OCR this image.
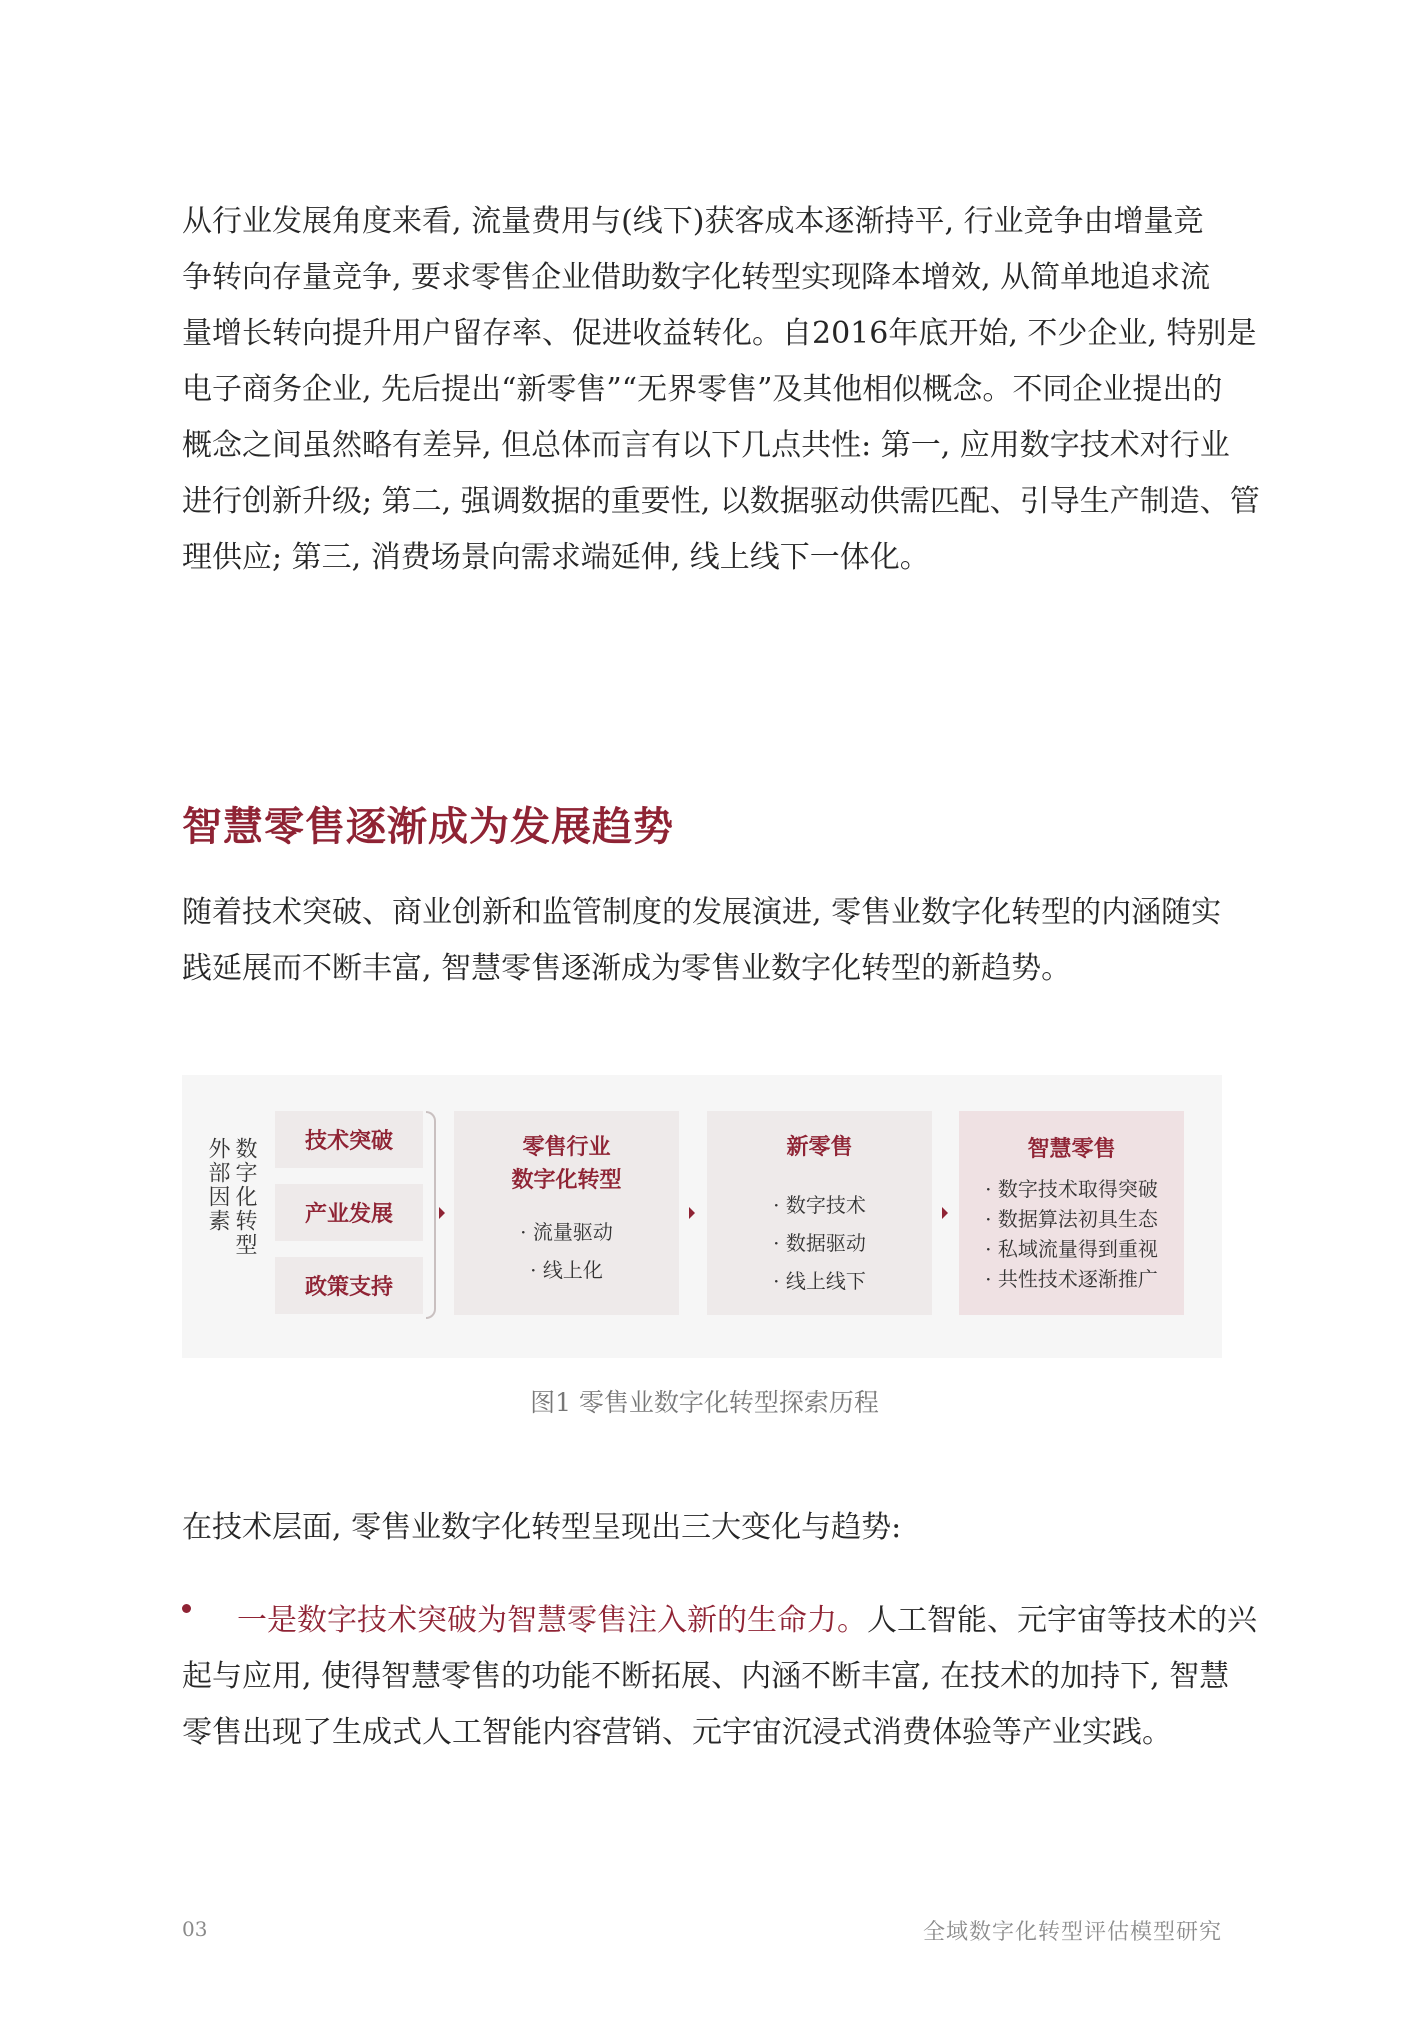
从行业发展角度来看, 流量费用与(线下)获客成本逐渐持平, 行业竞争由增量竞
争转向存量竞争, 要求零售企业借助数字化转型实现降本增效, 从简单地追求流
量增长转向提升用户留存率、促进收益转化。自2016年底开始, 不少企业, 特别是
电子商务企业, 先后提出“新零售”“无界零售”及其他相似概念。不同企业提出的
概念之间虽然略有差异, 但总体而言有以下几点共性: 第一, 应用数字技术对行业
进行创新升级; 第二, 强调数据的重要性, 以数据驱动供需匹配、引导生产制造、管
理供应; 第三, 消费场景向需求端延伸, 线上线下一体化。

智慧零售逐渐成为发展趋势

随着技术突破、商业创新和监管制度的发展演进, 零售业数字化转型的内涵随实
践延展而不断丰富, 智慧零售逐渐成为零售业数字化转型的新趋势。

数字化转型
外部因素	技术突破
产业发展
政策支持
零售行业
数字化转型
· 流量驱动
· 线上化
新零售
· 数字技术
· 数据驱动
· 线上线下
智慧零售
· 数字技术取得突破
· 数据算法初具生态
· 私域流量得到重视
· 共性技术逐渐推广
图1 零售业数字化转型探索历程

在技术层面, 零售业数字化转型呈现出三大变化与趋势:

一是数字技术突破为智慧零售注入新的生命力。人工智能、元宇宙等技术的兴
起与应用, 使得智慧零售的功能不断拓展、内涵不断丰富, 在技术的加持下, 智慧
零售出现了生成式人工智能内容营销、元宇宙沉浸式消费体验等产业实践。

03	全域数字化转型评估模型研究
